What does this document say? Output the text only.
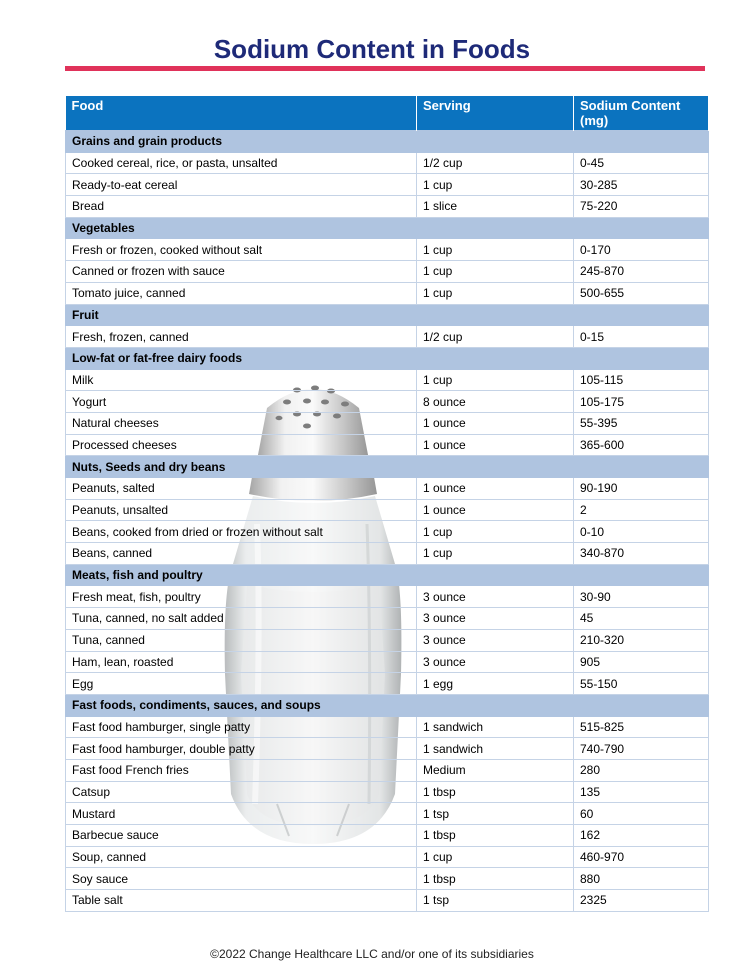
Sodium Content in Foods
Food	Serving	Sodium Content (mg)
Grains and grain products		
Cooked cereal, rice, or pasta, unsalted	1/2 cup	0-45
Ready-to-eat cereal	1 cup	30-285
Bread	1 slice	75-220
Vegetables		
Fresh or frozen, cooked without salt	1 cup	0-170
Canned or frozen with sauce	1 cup	245-870
Tomato juice, canned	1 cup	500-655
Fruit		
Fresh, frozen, canned	1/2 cup	0-15
Low-fat or fat-free dairy foods		
Milk	1 cup	105-115
Yogurt	8 ounce	105-175
Natural cheeses	1 ounce	55-395
Processed cheeses	1 ounce	365-600
Nuts, Seeds and dry beans		
Peanuts, salted	1 ounce	90-190
Peanuts, unsalted	1 ounce	2
Beans, cooked from dried or frozen without salt	1 cup	0-10
Beans, canned	1 cup	340-870
Meats, fish and poultry		
Fresh meat, fish, poultry	3 ounce	30-90
Tuna, canned, no salt added	3 ounce	45
Tuna, canned	3 ounce	210-320
Ham, lean, roasted	3 ounce	905
Egg	1 egg	55-150
Fast foods, condiments, sauces, and soups		
Fast food hamburger, single patty	1 sandwich	515-825
Fast food hamburger, double patty	1 sandwich	740-790
Fast food French fries	Medium	280
Catsup	1 tbsp	135
Mustard	1 tsp	60
Barbecue sauce	1 tbsp	162
Soup, canned	1 cup	460-970
Soy sauce	1 tbsp	880
Table salt	1 tsp	2325
©2022 Change Healthcare LLC and/or one of its subsidiaries
